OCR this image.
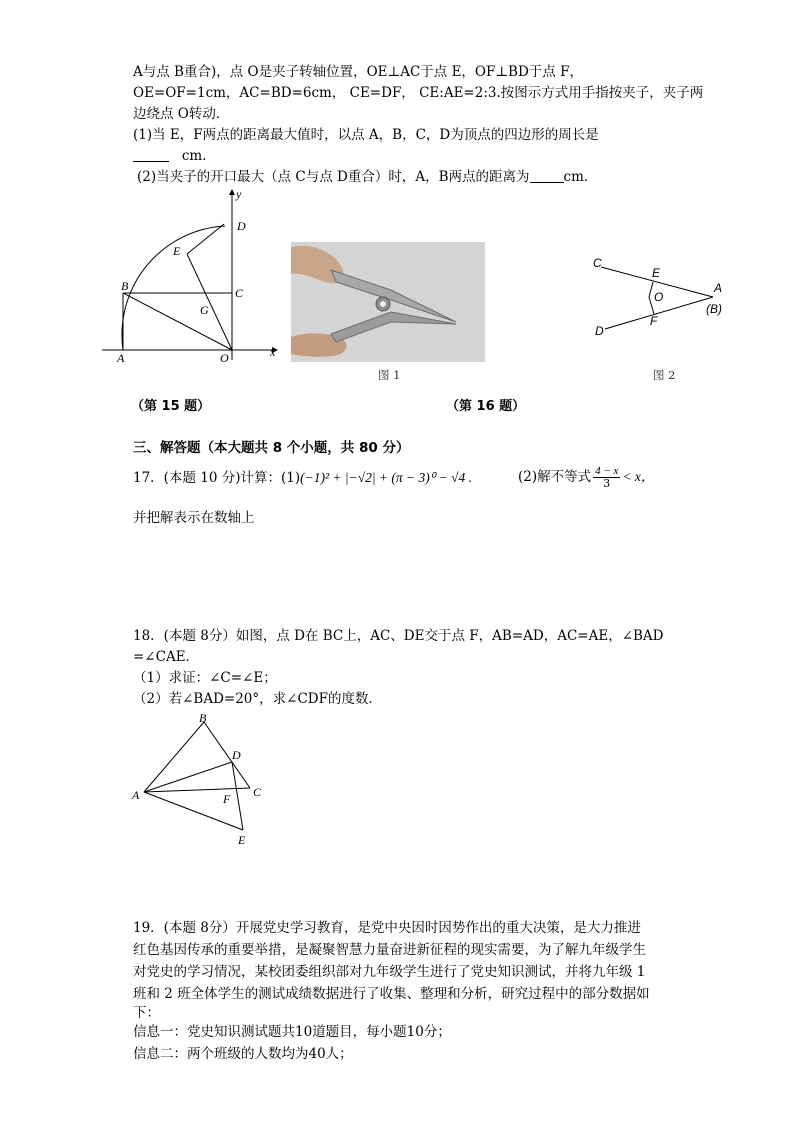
A与点 B重合)，点 O是夹子转轴位置，OE⊥AC于点 E，OF⊥BD于点 F，
OE=OF=1cm，AC=BD=6cm， CE=DF， CE:AE=2:3.按图示方式用手指按夹子，夹子两
边绕点 O转动．
(1)当 E，F两点的距离最大值时，以点 A，B，C，D为顶点的四边形的周长是
cm．
(2)当夹子的开口最大（点 C与点 D重合）时，A，B两点的距离为	cm．
y
D
E
B	C
G
A	O	x
图 1
C
E
A
O
(B)
F
D
图 2
（第 15 题）	（第 16 题）
三、解答题（本大题共 8 个小题，共 80 分）
17．(本题 10 分)计算：(1)(−1)² + |−√2| + (π − 3)⁰ − √4 .	(2)解不等式 $\frac{4 - x}{3} < x$，
并把解表示在数轴上
18．(本题 8分）如图，点 D在 BC上，AC、DE交于点 F，AB=AD，AC=AE，∠BAD
=∠CAE．
（1）求证：∠C=∠E；
（2）若∠BAD=20°，求∠CDF的度数．
B
D
A	F C
E
19．(本题 8分）开展党史学习教育，是党中央因时因势作出的重大决策，是大力推进
红色基因传承的重要举措，是凝聚智慧力量奋进新征程的现实需要，为了解九年级学生
对党史的学习情况，某校团委组织部对九年级学生进行了党史知识测试，并将九年级 1
班和 2 班全体学生的测试成绩数据进行了收集、整理和分析，研究过程中的部分数据如
下：
信息一：党史知识测试题共10道题目，每小题10分；
信息二：两个班级的人数均为40人；
